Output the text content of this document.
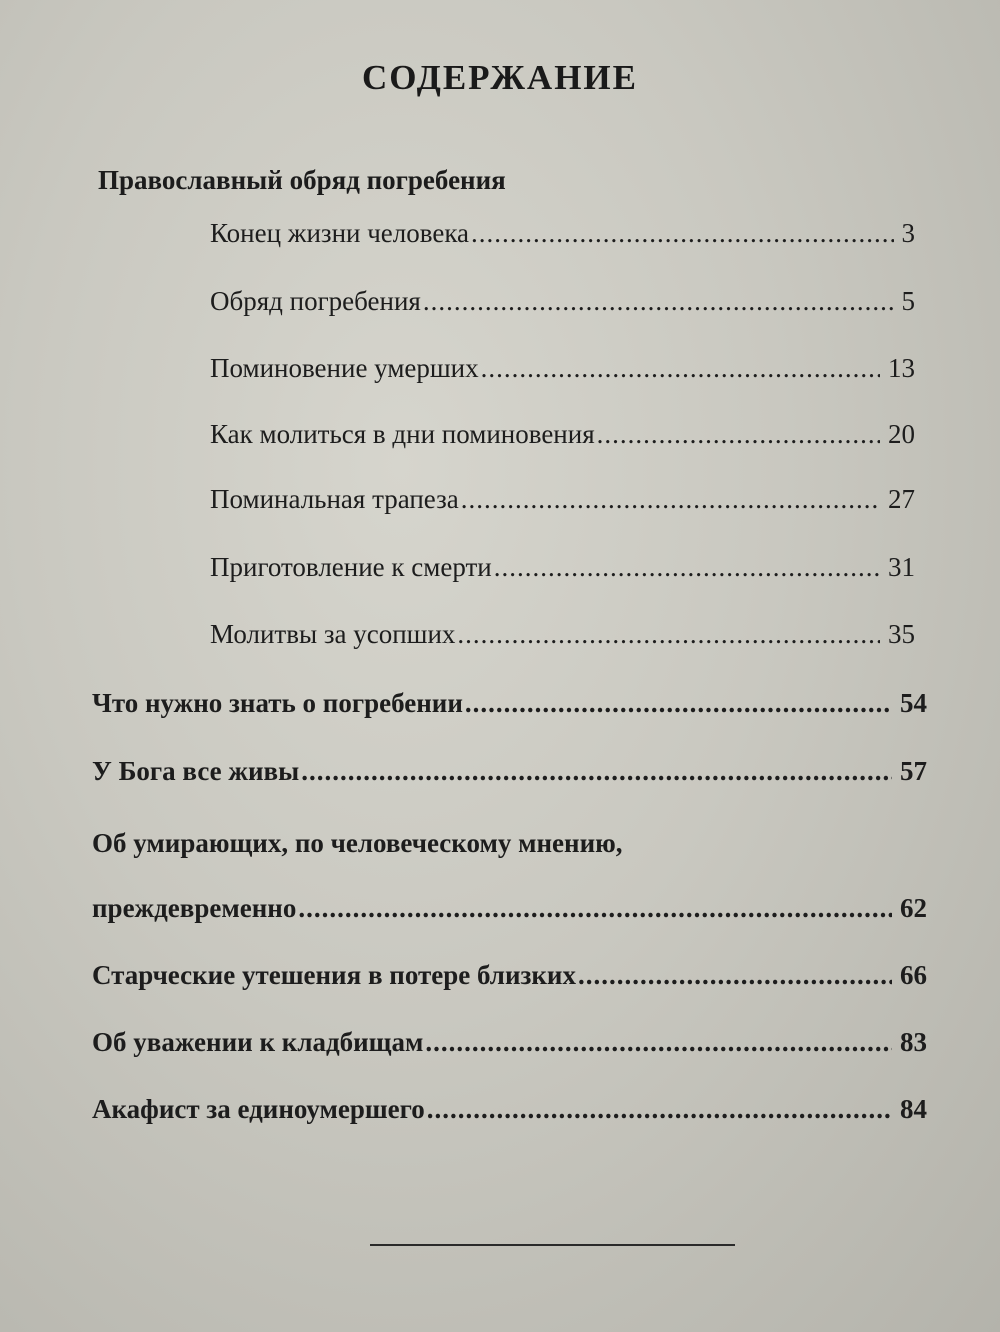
СОДЕРЖАНИЕ
Православный обряд погребения
Конец жизни человека .....	3
Обряд погребения .....	5
Поминовение умерших .....	13
Как молиться в дни поминовения .....	20
Поминальная трапеза .....	27
Приготовление к смерти .....	31
Молитвы за усопших .....	35
Что нужно знать о погребении .....	54
У Бога все живы .....	57
Об умирающих, по человеческому мнению,
преждевременно .....	62
Старческие утешения в потере близких .....	66
Об уважении к кладбищам .....	83
Акафист за единоумершего .....	84
